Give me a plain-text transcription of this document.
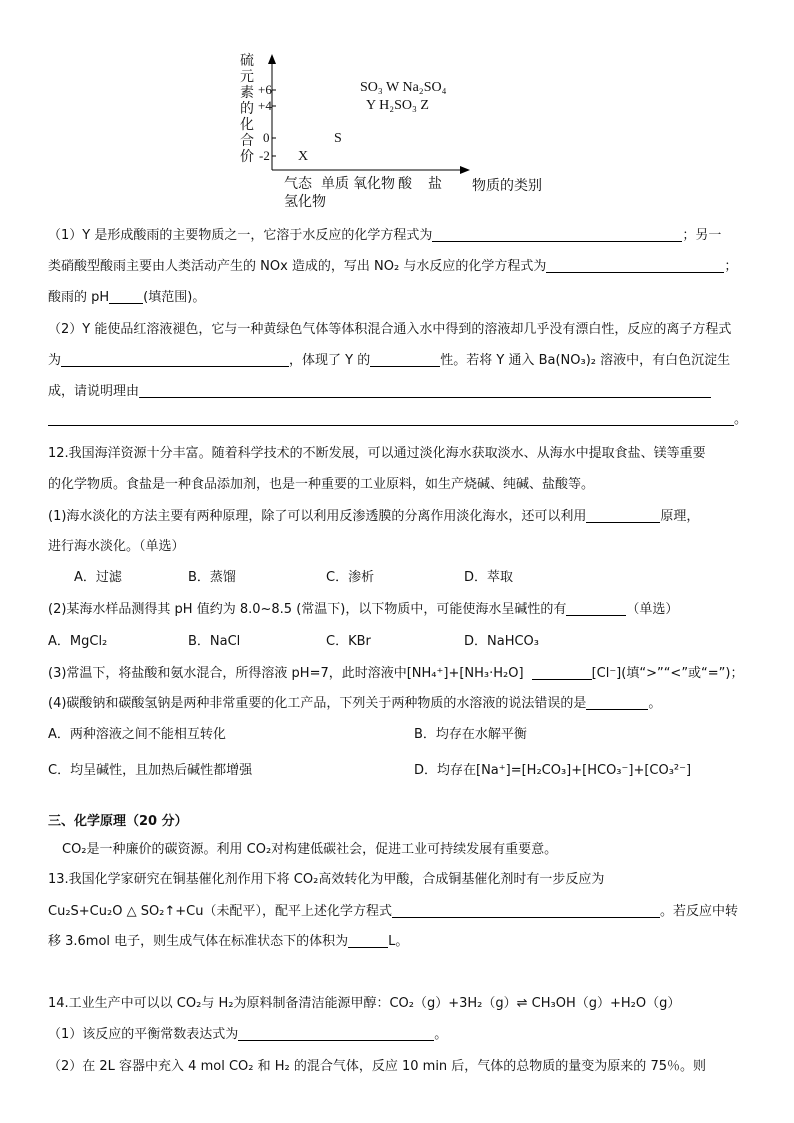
硫
元
素
的
化
合
价
+6
+4
0
-2
SO₃ W Na₂SO₄
Y H₂SO₃ Z
S
X
气态 单质 氧化物 酸 盐
氢化物
物质的类别
（1）Y 是形成酸雨的主要物质之一，它溶于水反应的化学方程式为	；另一
类硝酸型酸雨主要由人类活动产生的 NOx 造成的，写出 NO₂ 与水反应的化学方程式为	；
酸雨的 pH	(填范围)。
（2）Y 能使品红溶液褪色，它与一种黄绿色气体等体积混合通入水中得到的溶液却几乎没有漂白性，反应的离子方程式
为	，体现了 Y 的	性。若将 Y 通入 Ba(NO₃)₂ 溶液中，有白色沉淀生
成，请说明理由
。
12.我国海洋资源十分丰富。随着科学技术的不断发展，可以通过淡化海水获取淡水、从海水中提取食盐、镁等重要
的化学物质。食盐是一种食品添加剂，也是一种重要的工业原料，如生产烧碱、纯碱、盐酸等。
(1)海水淡化的方法主要有两种原理，除了可以利用反渗透膜的分离作用淡化海水，还可以利用	原理，
进行海水淡化。（单选）
A．过滤	B．蒸馏	C．渗析	D．萃取
(2)某海水样品测得其 pH 值约为 8.0~8.5 (常温下)，以下物质中，可能使海水呈碱性的有	（单选）
A．MgCl₂	B．NaCl	C．KBr	D．NaHCO₃
(3)常温下，将盐酸和氨水混合，所得溶液 pH=7，此时溶液中[NH₄⁺]+[NH₃·H₂O]	[Cl⁻](填“>”“<”或“=”)；
(4)碳酸钠和碳酸氢钠是两种非常重要的化工产品，下列关于两种物质的水溶液的说法错误的是	。
A．两种溶液之间不能相互转化	B．均存在水解平衡
C．均呈碱性，且加热后碱性都增强	D．均存在[Na⁺]=[H₂CO₃]+[HCO₃⁻]+[CO₃²⁻]
三、化学原理（20 分）
CO₂是一种廉价的碳资源。利用 CO₂对构建低碳社会，促进工业可持续发展有重要意。
13.我国化学家研究在铜基催化剂作用下将 CO₂高效转化为甲酸，合成铜基催化剂时有一步反应为
Cu₂S+Cu₂O △ SO₂↑+Cu（未配平），配平上述化学方程式	。若反应中转
移 3.6mol 电子，则生成气体在标准状态下的体积为	L。
14.工业生产中可以以 CO₂与 H₂为原料制备清洁能源甲醇：CO₂（g）+3H₂（g）⇌ CH₃OH（g）+H₂O（g）
（1）该反应的平衡常数表达式为	。
（2）在 2L 容器中充入 4 mol CO₂ 和 H₂ 的混合气体，反应 10 min 后，气体的总物质的量变为原来的 75％。则
